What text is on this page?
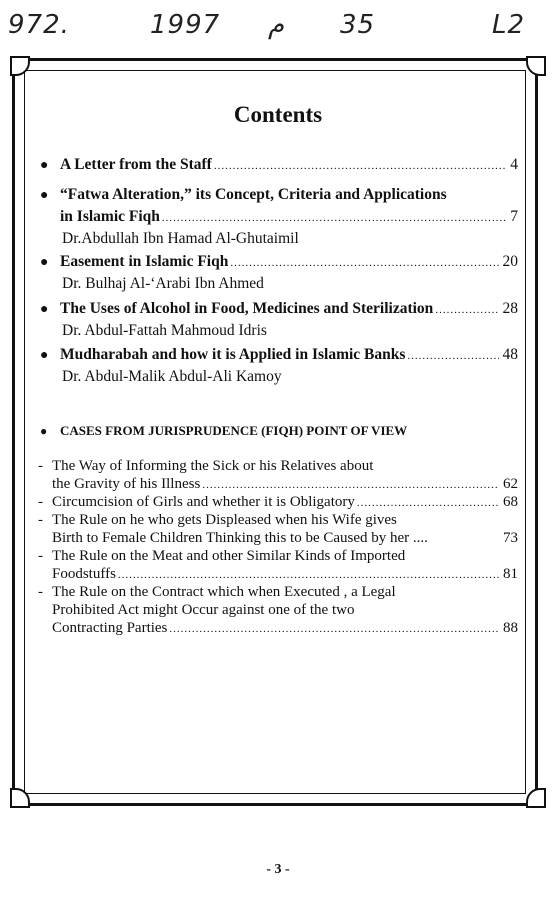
972.	1997 م 35	L2
Contents
● A Letter from the Staff .....	4
● “Fatwa Alteration,” its Concept, Criteria and Applications
in Islamic Fiqh .....	7
Dr.Abdullah Ibn Hamad Al-Ghutaimil
● Easement in Islamic Fiqh .....	20
Dr. Bulhaj Al-‘Arabi Ibn Ahmed
● The Uses of Alcohol in Food, Medicines and Sterilization .....	28
Dr. Abdul-Fattah Mahmoud Idris
● Mudharabah and how it is Applied in Islamic Banks .....	48
Dr. Abdul-Malik Abdul-Ali Kamoy
● CASES FROM JURISPRUDENCE (FIQH) POINT OF VIEW
- The Way of Informing the Sick or his Relatives about
the Gravity of his Illness .....	62
- Circumcision of Girls and whether it is Obligatory .....	68
- The Rule on he who gets Displeased when his Wife gives
Birth to Female Children Thinking this to be Caused by her ....	73
- The Rule on the Meat and other Similar Kinds of Imported
Foodstuffs .....	81
- The Rule on the Contract which when Executed , a Legal
Prohibited Act might Occur against one of the two
Contracting Parties .....	88
- 3 -
